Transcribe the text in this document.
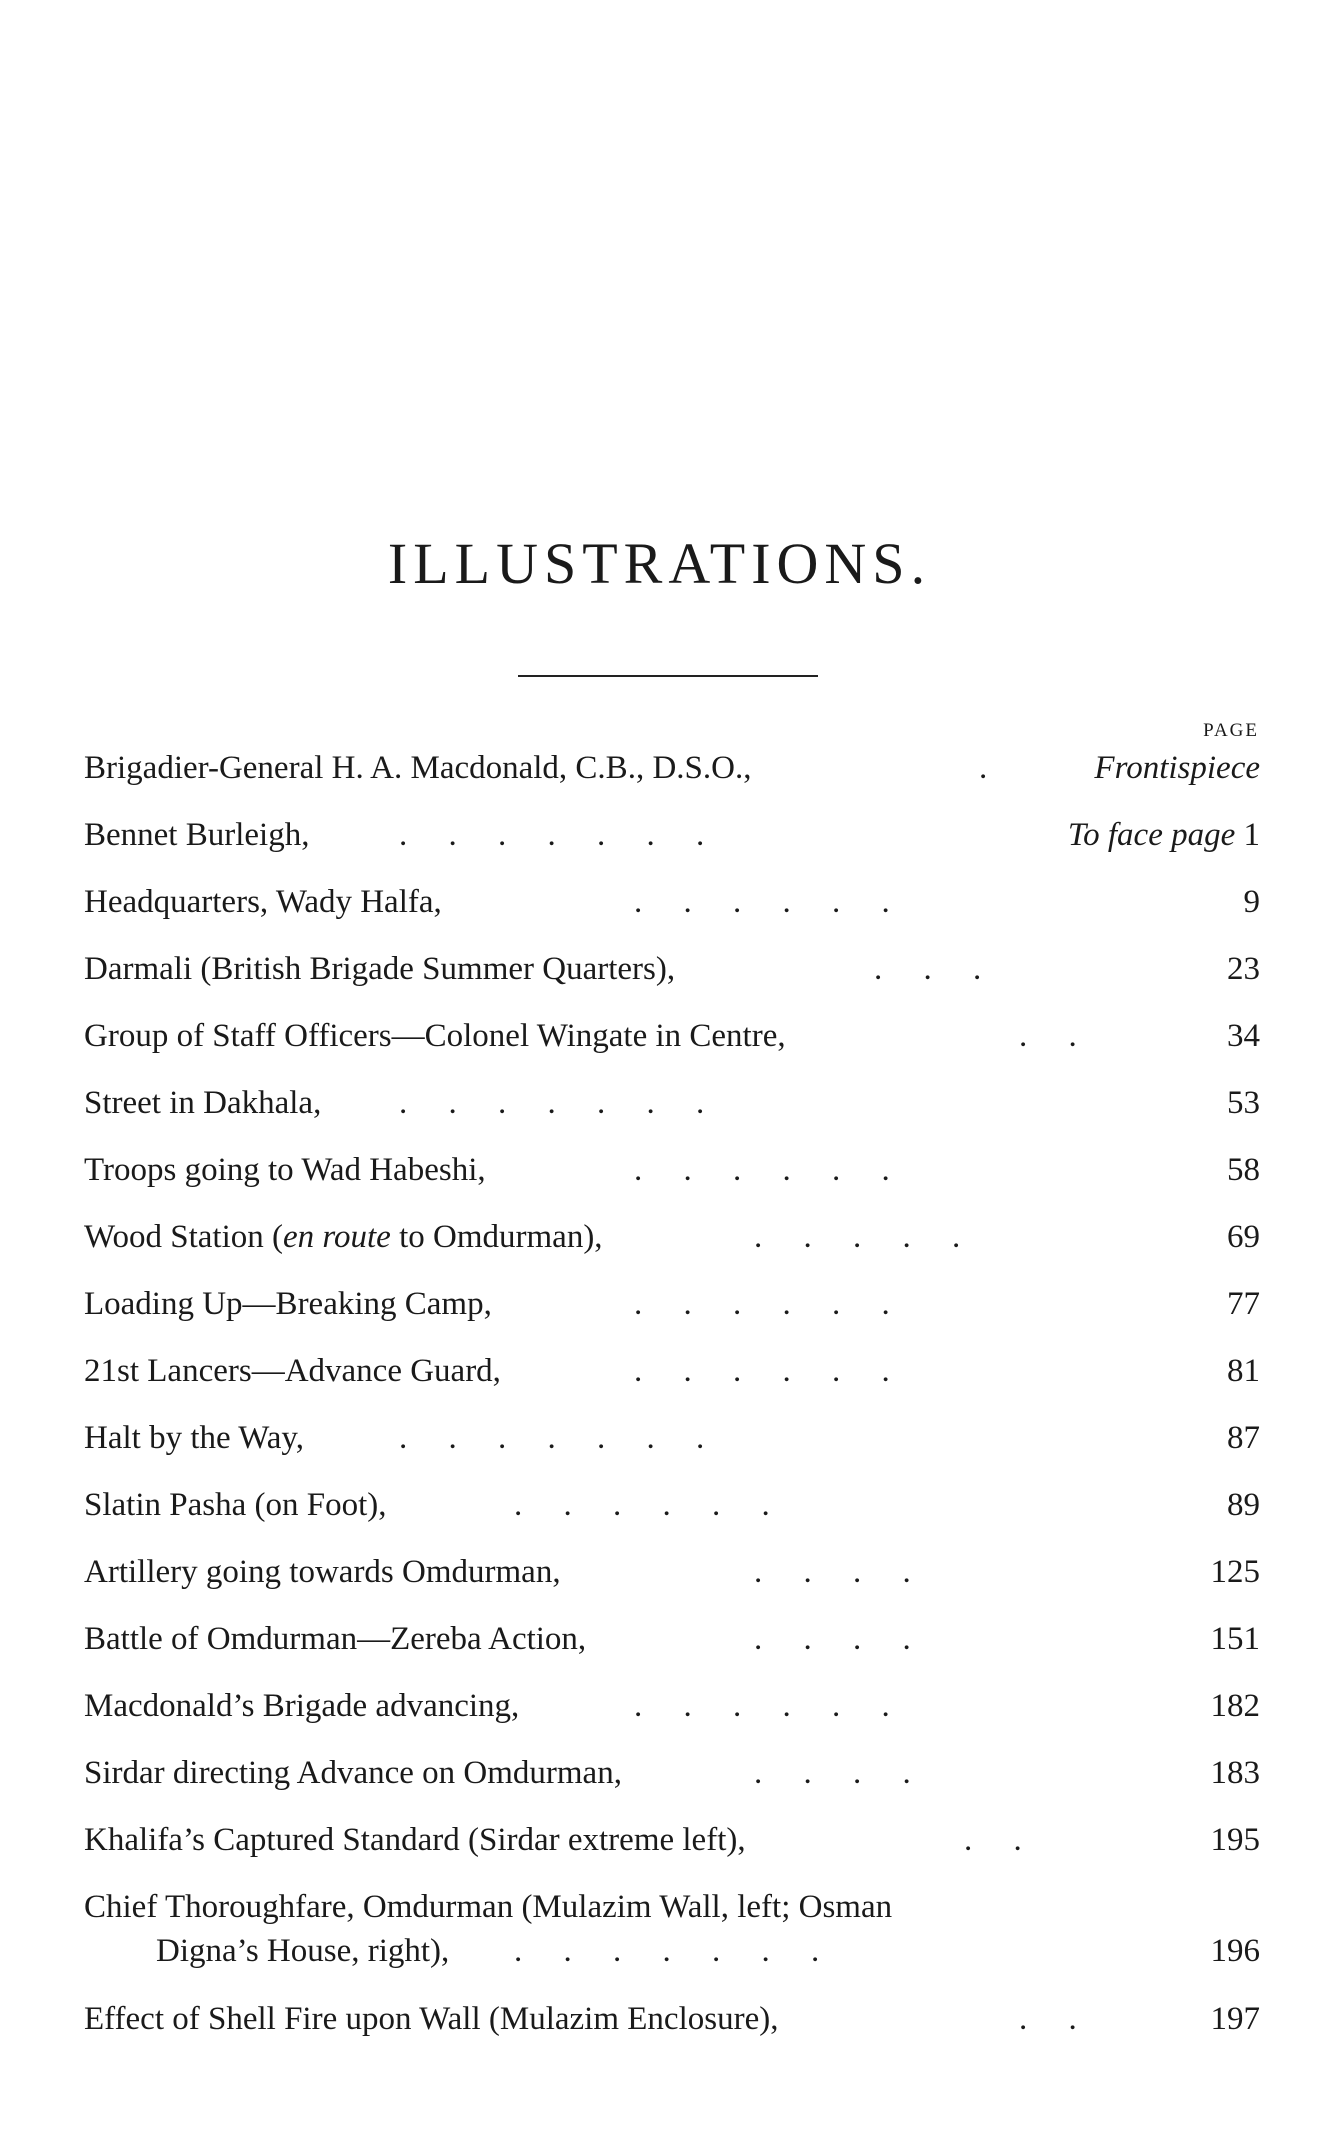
ILLUSTRATIONS.
PAGE
Brigadier-General H. A. Macdonald, C.B., D.S.O.,	.	Frontispiece
Bennet Burleigh,	.     .     .     .     .     .     .	To face page 1
Headquarters, Wady Halfa,	.     .     .     .     .     .	9
Darmali (British Brigade Summer Quarters),	.     .     .	23
Group of Staff Officers—Colonel Wingate in Centre,	.     .	34
Street in Dakhala, .     .     .     .     .     .     .	53
Troops going to Wad Habeshi,	.     .     .     .     .     .	58
Wood Station (en route to Omdurman),	.     .     .     .     .	69
Loading Up—Breaking Camp,	.     .     .     .     .     .	77
21st Lancers—Advance Guard,	.     .     .     .     .     .	81
Halt by the Way,	.     .     .     .     .     .     .	87
Slatin Pasha (on Foot),	.     .     .     .     .     .	89
Artillery going towards Omdurman,	.     .     .     .	125
Battle of Omdurman—Zereba Action,	.     .     .     .	151
Macdonald’s Brigade advancing,	.     .     .     .     .     .	182
Sirdar directing Advance on Omdurman,	.     .     .     .	183
Khalifa’s Captured Standard (Sirdar extreme left),	.     .	195
Chief Thoroughfare, Omdurman (Mulazim Wall, left; Osman
Digna’s House, right), .     .     .     .     .     .     .	196
Effect of Shell Fire upon Wall (Mulazim Enclosure),	.     .	197
